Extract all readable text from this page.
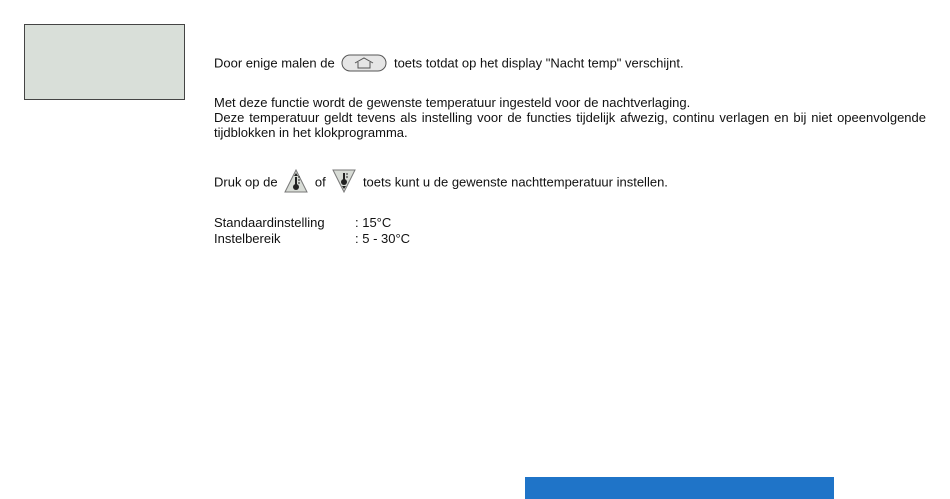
Door enige malen de	toets totdat op het display "Nacht temp" verschijnt.
Met deze functie wordt de gewenste temperatuur ingesteld voor de nachtverlaging.
Deze temperatuur geldt tevens als instelling voor de functies tijdelijk afwezig, continu verlagen en bij niet opeenvolgende tijdblokken in het klokprogramma.
Druk op de	of	toets kunt u de gewenste nachttemperatuur instellen.
Standaardinstelling	: 15°C
Instelbereik	: 5 - 30°C
